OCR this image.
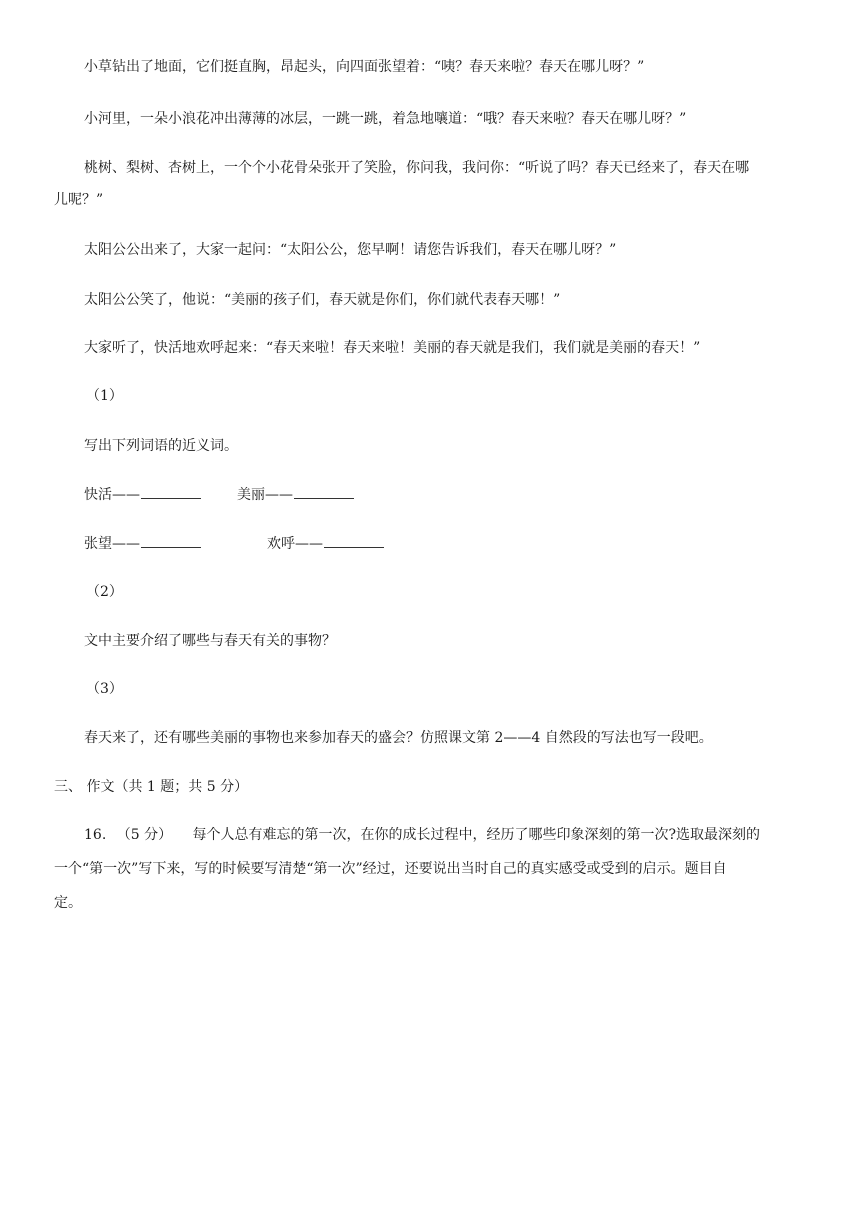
小草钻出了地面，它们挺直胸，昂起头，向四面张望着：“咦？春天来啦？春天在哪儿呀？”
小河里，一朵小浪花冲出薄薄的冰层，一跳一跳，着急地嚷道：“哦？春天来啦？春天在哪儿呀？”
桃树、梨树、杏树上，一个个小花骨朵张开了笑脸，你问我，我问你：“听说了吗？春天已经来了，春天在哪
儿呢？”
太阳公公出来了，大家一起问：“太阳公公，您早啊！请您告诉我们，春天在哪儿呀？”
太阳公公笑了，他说：“美丽的孩子们，春天就是你们，你们就代表春天哪！”
大家听了，快活地欢呼起来：“春天来啦！春天来啦！美丽的春天就是我们，我们就是美丽的春天！”
（1）
写出下列词语的近义词。
快活——	美丽——
张望——	欢呼——
（2）
文中主要介绍了哪些与春天有关的事物？
（3）
春天来了，还有哪些美丽的事物也来参加春天的盛会？仿照课文第 2——4 自然段的写法也写一段吧。
三、 作文（共 1 题；共 5 分）
16. （5 分） 每个人总有难忘的第一次，在你的成长过程中，经历了哪些印象深刻的第一次?选取最深刻的
一个“第一次”写下来，写的时候要写清楚“第一次”经过，还要说出当时自己的真实感受或受到的启示。题目自
定。
